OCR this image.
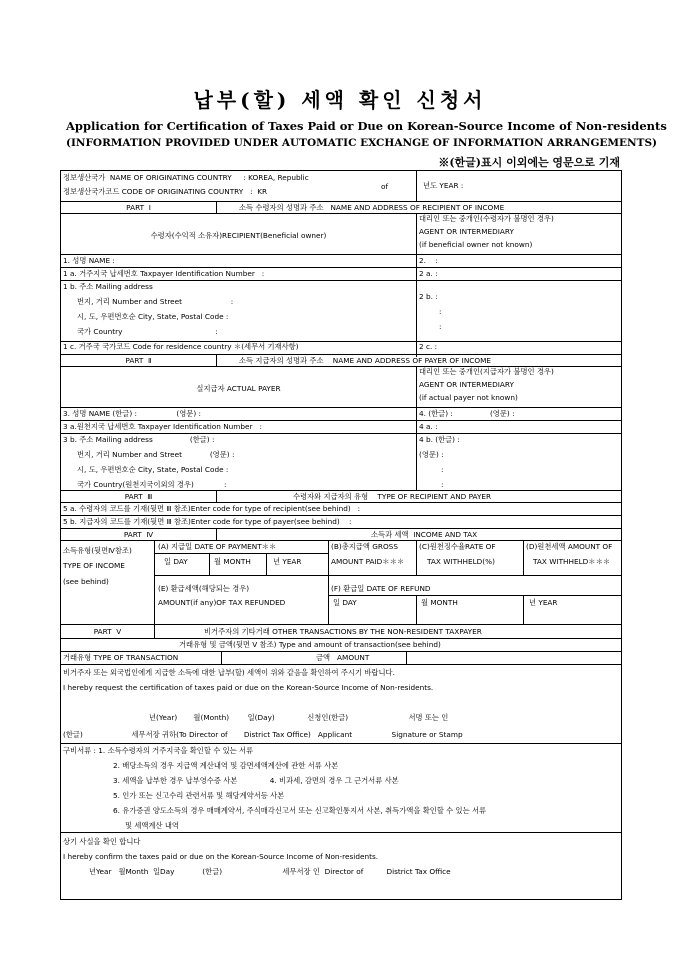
납부(할) 세액 확인 신청서
Application for Certification of Taxes Paid or Due on Korean-Source Income of Non-residents
(INFORMATION PROVIDED UNDER AUTOMATIC EXCHANGE OF INFORMATION ARRANGEMENTS)
※(한글)표시 이외에는 영문으로 기재
정보생산국가  NAME OF ORIGINATING COUNTRY     : KOREA, Republic
정보생산국가코드 CODE OF ORIGINATING COUNTRY   :  KR
of	년도 YEAR :
PART  Ⅰ	소득 수령자의 성명과 주소   NAME AND ADDRESS OF RECIPIENT OF INCOME
수령자(수익적 소유자)RECIPIENT(Beneficial owner)
대리인 또는 중개인(수령자가 불명인 경우)
AGENT OR INTERMEDIARY
(if beneficial owner not known)
1. 성명 NAME :	2.    :
1 a. 거주지국 납세번호 Taxpayer Identification Number   :	2 a. :
1 b. 주소 Mailing address
번지, 거리 Number and Street                     :
시, 도, 우편번호순 City, State, Postal Code :
국가 Country                                        :
2 b. :
:
:
1 c. 거주국 국가코드 Code for residence country ＊(세무서 기재사항)	2 c. :
PART  Ⅱ	소득 지급자의 성명과 주소    NAME AND ADDRESS OF PAYER OF INCOME
실지급자 ACTUAL PAYER
대리인 또는 중개인(지급자가 불명인 경우)
AGENT OR INTERMEDIARY
(if actual payer not known)
3. 성명 NAME (한글) :                 (영문) :	4. (한글) :                (영문) :
3 a.원천지국 납세번호 Taxpayer Identification Number   :	4 a. :
3 b. 주소 Mailing address                (한글) :
번지, 거리 Number and Street            (영문) :
시, 도, 우편번호순 City, State, Postal Code :
국가 Country(원천지국이외의 경우)             :
4 b. (한글) :
(영문) :
:
:
PART  Ⅲ	수령자와 지급자의 유형    TYPE OF RECIPIENT AND PAYER
5 a. 수령자의 코드를 기재(뒷면 Ⅲ 참조)Enter code for type of recipient(see behind)   :
5 b. 지급자의 코드를 기재(뒷면 Ⅲ 참조)Enter code for type of payer(see behind)    :
PART  Ⅳ	소득과 세액  INCOME AND TAX
소득유형(뒷면Ⅳ참조)
TYPE OF INCOME
(see behind)
(A) 지급일 DATE OF PAYMENT＊＊
일 DAY	월 MONTH	년 YEAR
(B)총지급액 GROSS
AMOUNT PAID＊＊＊
(C)원천징수율RATE OF
TAX WITHHELD(%)
(D)원천세액 AMOUNT OF
TAX WITHHELD＊＊＊
(E) 환급세액(해당되는 경우)
AMOUNT(if any)OF TAX REFUNDED
(F) 환급일 DATE OF REFUND
일 DAY	월 MONTH	년 YEAR
PART  Ⅴ	비거주자의 기타거래 OTHER TRANSACTIONS BY THE NON-RESIDENT TAXPAYER
거래유형 및 금액(뒷면 Ⅴ 참조) Type and amount of transaction(see behind)
거래유형 TYPE OF TRANSACTION	금액   AMOUNT
비거주자 또는 외국법인에게 지급한 소득에 대한 납부(할) 세액이 위와 같음을 확인하여 주시기 바랍니다.
I hereby request the certification of taxes paid or due on the Korean-Source Income of Non-residents.
년(Year)       월(Month)        일(Day)              신청인(한글)                          서명 또는 인
(한글)                     세무서장 귀하(To Director of       District Tax Office)   Applicant                 Signature or Stamp
구비서류 : 1. 소득수령자의 거주지국을 확인할 수 있는 서류
2. 배당소득의 경우 지급액 계산내역 및 감면세액계산에 관한 서류 사본
3. 세액을 납부한 경우 납부영수증 사본              4. 비과세, 감면의 경우 그 근거서류 사본
5. 인가 또는 신고수리 관련서류 및 해당계약서등 사본
6. 유가증권 양도소득의 경우 매매계약서, 주식매각신고서 또는 신고확인통지서 사본, 취득가액을 확인할 수 있는 서류
및 세액계산 내역
상기 사실을 확인 합니다
I hereby confirm the taxes paid or due on the Korean-Source Income of Non-residents.
년Year   월Month  일Day            (한글)                          세무서장 인  Director of          District Tax Office
